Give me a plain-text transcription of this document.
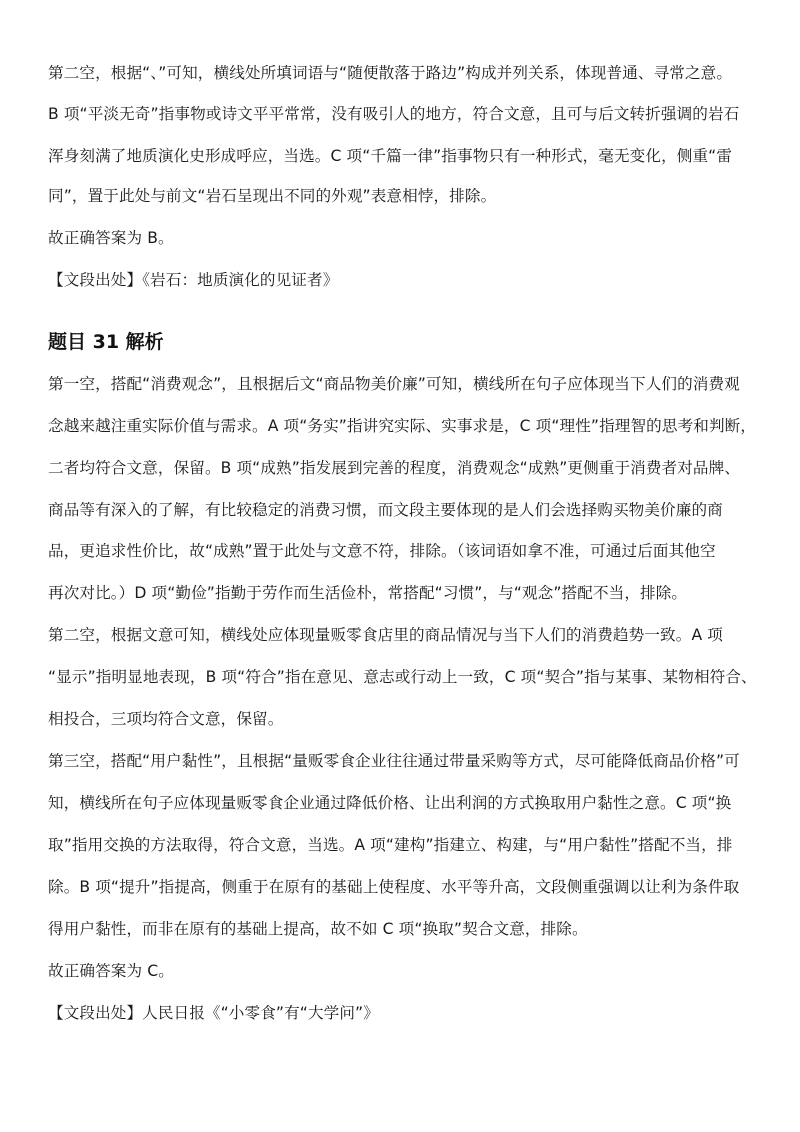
第二空，根据“、”可知，横线处所填词语与“随便散落于路边”构成并列关系，体现普通、寻常之意。
B 项“平淡无奇”指事物或诗文平平常常，没有吸引人的地方，符合文意，且可与后文转折强调的岩石
浑身刻满了地质演化史形成呼应，当选。C 项“千篇一律”指事物只有一种形式，毫无变化，侧重“雷
同”，置于此处与前文“岩石呈现出不同的外观”表意相悖，排除。
故正确答案为 B。
【文段出处】《岩石：地质演化的见证者》
题目 31 解析
第一空，搭配“消费观念”，且根据后文“商品物美价廉”可知，横线所在句子应体现当下人们的消费观
念越来越注重实际价值与需求。A 项“务实”指讲究实际、实事求是，C 项“理性”指理智的思考和判断，
二者均符合文意，保留。B 项“成熟”指发展到完善的程度，消费观念“成熟”更侧重于消费者对品牌、
商品等有深入的了解，有比较稳定的消费习惯，而文段主要体现的是人们会选择购买物美价廉的商
品，更追求性价比，故“成熟”置于此处与文意不符，排除。（该词语如拿不准，可通过后面其他空
再次对比。）D 项“勤俭”指勤于劳作而生活俭朴，常搭配“习惯”，与“观念”搭配不当，排除。
第二空，根据文意可知，横线处应体现量贩零食店里的商品情况与当下人们的消费趋势一致。A 项
“显示”指明显地表现，B 项“符合”指在意见、意志或行动上一致，C 项“契合”指与某事、某物相符合、
相投合，三项均符合文意，保留。
第三空，搭配“用户黏性”，且根据“量贩零食企业往往通过带量采购等方式，尽可能降低商品价格”可
知，横线所在句子应体现量贩零食企业通过降低价格、让出利润的方式换取用户黏性之意。C 项“换
取”指用交换的方法取得，符合文意，当选。A 项“建构”指建立、构建，与“用户黏性”搭配不当，排
除。B 项“提升”指提高，侧重于在原有的基础上使程度、水平等升高，文段侧重强调以让利为条件取
得用户黏性，而非在原有的基础上提高，故不如 C 项“换取”契合文意，排除。
故正确答案为 C。
【文段出处】人民日报《“小零食”有“大学问”》
